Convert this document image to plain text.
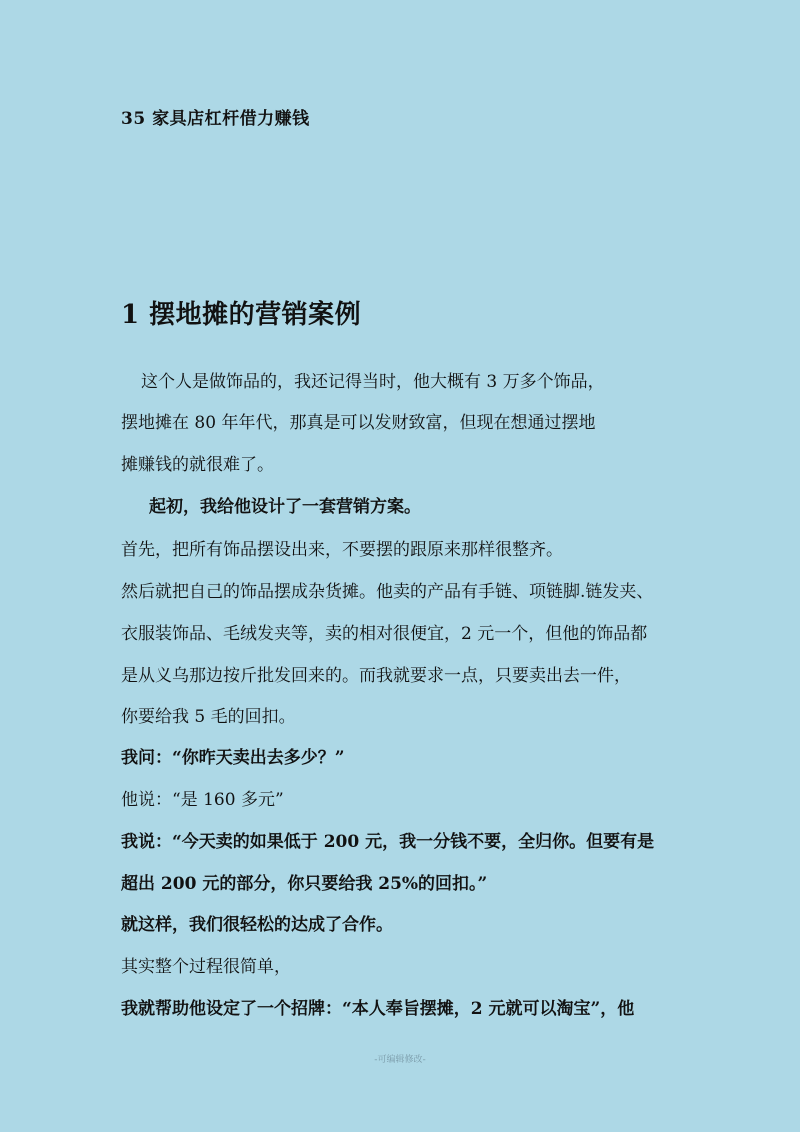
35 家具店杠杆借力赚钱
1 摆地摊的营销案例
这个人是做饰品的，我还记得当时，他大概有 3 万多个饰品，
摆地摊在 80 年年代，那真是可以发财致富，但现在想通过摆地
摊赚钱的就很难了。
起初，我给他设计了一套营销方案。
首先，把所有饰品摆设出来，不要摆的跟原来那样很整齐。
然后就把自己的饰品摆成杂货摊。他卖的产品有手链、项链脚.链发夹、
衣服装饰品、毛绒发夹等，卖的相对很便宜，2 元一个，但他的饰品都
是从义乌那边按斤批发回来的。而我就要求一点，只要卖出去一件，
你要给我 5 毛的回扣。
我问：“你昨天卖出去多少？”
他说：“是 160 多元”
我说：“今天卖的如果低于 200 元，我一分钱不要，全归你。但要有是
超出 200 元的部分，你只要给我 25%的回扣。”
就这样，我们很轻松的达成了合作。
其实整个过程很简单，
我就帮助他设定了一个招牌：“本人奉旨摆摊，2 元就可以淘宝”，他
-可编辑修改-
